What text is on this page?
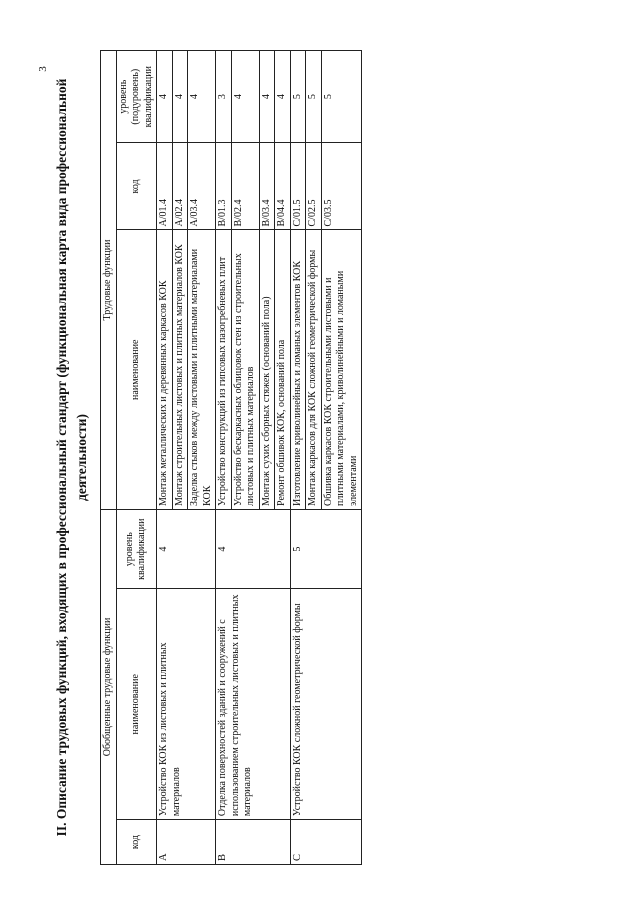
3
II. Описание трудовых функций, входящих в профессиональный стандарт (функциональная карта вида профессиональной деятельности)
Обобщенные трудовые функции			Трудовые функции		
код	наименование	уровень квалификации	наименование	код	уровень (подуровень) квалификации
A	Устройство КОК из листовых и плитных материалов	4	Монтаж металлических и деревянных каркасов КОК	A/01.4	4
			Монтаж строительных листовых и плитных материалов КОК	A/02.4	4
			Заделка стыков между листовыми и плитными материалами КОК	A/03.4	4
B	Отделка поверхностей зданий и сооружений с использованием строительных листовых и плитных материалов	4	Устройство конструкций из гипсовых пазогребневых плит	B/01.3	3
			Устройство бескаркасных облицовок стен из строительных листовых и плитных материалов	B/02.4	4
			Монтаж сухих сборных стяжек (оснований пола)	B/03.4	4
			Ремонт обшивок КОК, оснований пола	B/04.4	4
C	Устройство КОК сложной геометрической формы	5	Изготовление криволинейных и ломаных элементов КОК	C/01.5	5
			Монтаж каркасов для КОК сложной геометрической формы	C/02.5	5
			Обшивка каркасов КОК строительными листовыми и плитными материалами, криволинейными и ломаными элементами	C/03.5	5
